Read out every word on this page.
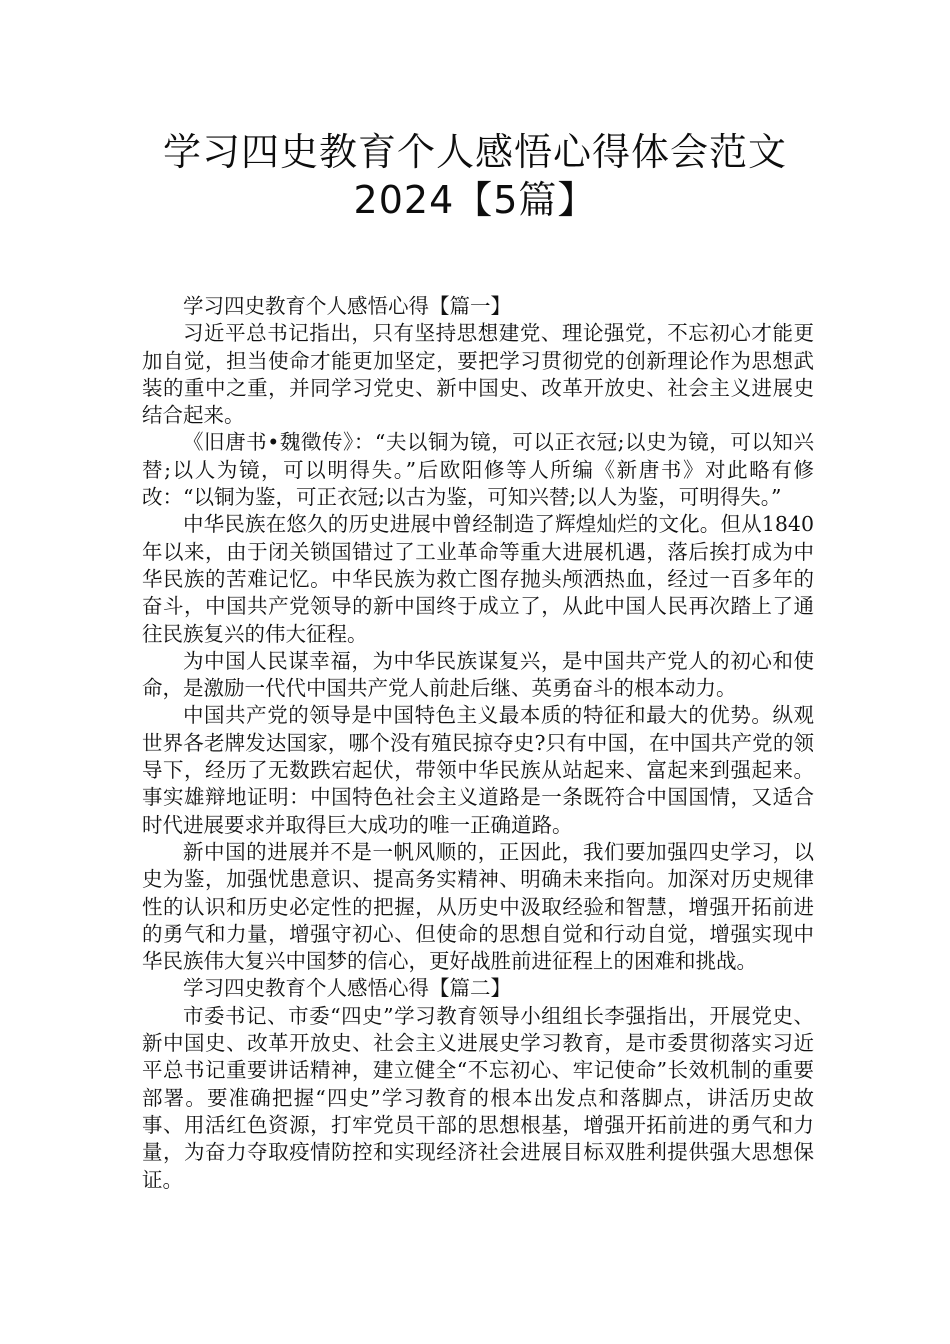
学习四史教育个人感悟心得体会范文
2024【5篇】

学习四史教育个人感悟心得【篇一】

习近平总书记指出，只有坚持思想建党、理论强党，不忘初心才能更加自觉，担当使命才能更加坚定，要把学习贯彻党的创新理论作为思想武装的重中之重，并同学习党史、新中国史、改革开放史、社会主义进展史结合起来。

《旧唐书•魏徵传》：“夫以铜为镜，可以正衣冠;以史为镜，可以知兴替;以人为镜，可以明得失。”后欧阳修等人所编《新唐书》对此略有修改：“以铜为鉴，可正衣冠;以古为鉴，可知兴替;以人为鉴，可明得失。”

中华民族在悠久的历史进展中曾经制造了辉煌灿烂的文化。但从1840年以来，由于闭关锁国错过了工业革命等重大进展机遇，落后挨打成为中华民族的苦难记忆。中华民族为救亡图存抛头颅洒热血，经过一百多年的奋斗，中国共产党领导的新中国终于成立了，从此中国人民再次踏上了通往民族复兴的伟大征程。

为中国人民谋幸福，为中华民族谋复兴，是中国共产党人的初心和使命，是激励一代代中国共产党人前赴后继、英勇奋斗的根本动力。

中国共产党的领导是中国特色主义最本质的特征和最大的优势。纵观世界各老牌发达国家，哪个没有殖民掠夺史?只有中国，在中国共产党的领导下，经历了无数跌宕起伏，带领中华民族从站起来、富起来到强起来。事实雄辩地证明：中国特色社会主义道路是一条既符合中国国情，又适合时代进展要求并取得巨大成功的唯一正确道路。

新中国的进展并不是一帆风顺的，正因此，我们要加强四史学习，以史为鉴，加强忧患意识、提高务实精神、明确未来指向。加深对历史规律性的认识和历史必定性的把握，从历史中汲取经验和智慧，增强开拓前进的勇气和力量，增强守初心、但使命的思想自觉和行动自觉，增强实现中华民族伟大复兴中国梦的信心，更好战胜前进征程上的困难和挑战。

学习四史教育个人感悟心得【篇二】

市委书记、市委“四史”学习教育领导小组组长李强指出，开展党史、新中国史、改革开放史、社会主义进展史学习教育，是市委贯彻落实习近平总书记重要讲话精神，建立健全“不忘初心、牢记使命”长效机制的重要部署。要准确把握“四史”学习教育的根本出发点和落脚点，讲活历史故事、用活红色资源，打牢党员干部的思想根基，增强开拓前进的勇气和力量，为奋力夺取疫情防控和实现经济社会进展目标双胜利提供强大思想保证。
